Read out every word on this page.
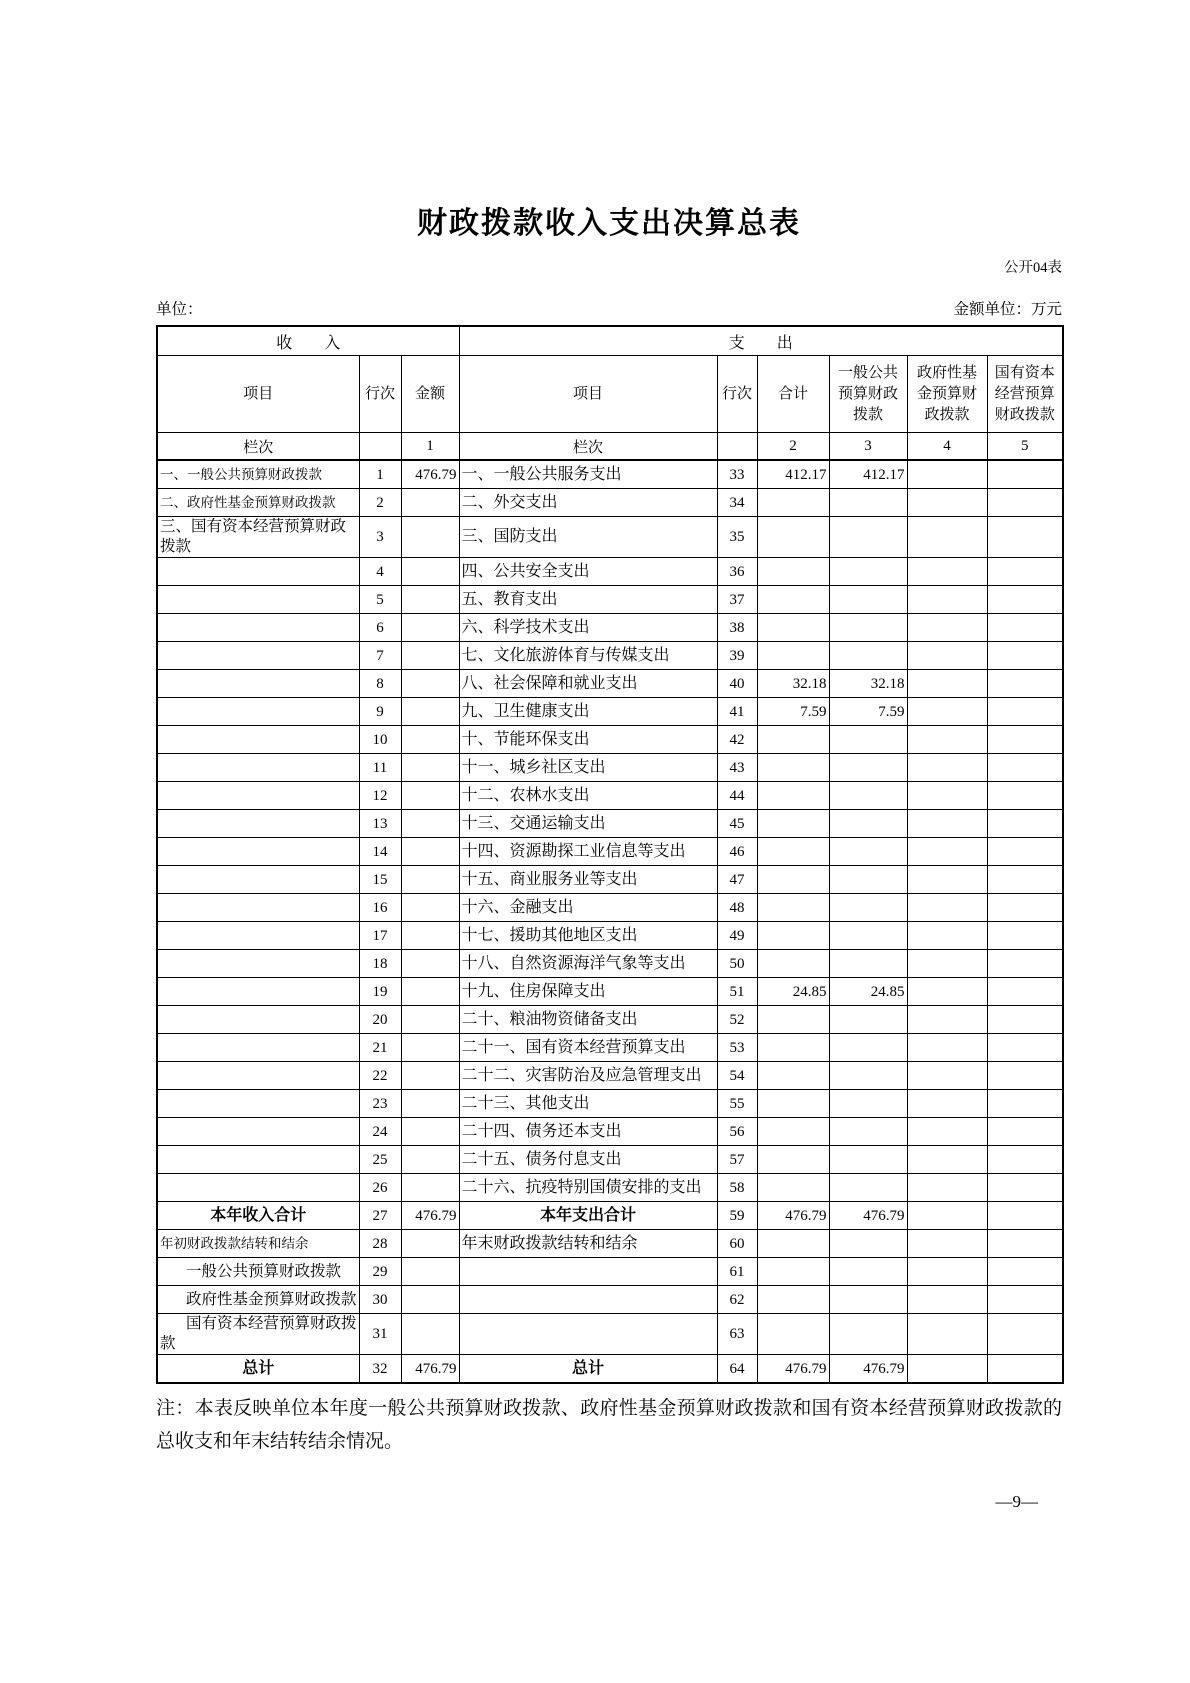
财政拨款收入支出决算总表
公开04表
单位：	金额单位：万元
收　　入			支　　出					
项目	行次	金额	项目	行次	合计	一般公共预算财政拨款	政府性基金预算财政拨款	国有资本经营预算财政拨款
栏次		1	栏次		2	3	4	5
一、一般公共预算财政拨款	1	476.79	一、一般公共服务支出	33	412.17	412.17		
二、政府性基金预算财政拨款	2		二、外交支出	34				
三、国有资本经营预算财政拨款	3		三、国防支出	35				
	4		四、公共安全支出	36				
	5		五、教育支出	37				
	6		六、科学技术支出	38				
	7		七、文化旅游体育与传媒支出	39				
	8		八、社会保障和就业支出	40	32.18	32.18		
	9		九、卫生健康支出	41	7.59	7.59		
	10		十、节能环保支出	42				
	11		十一、城乡社区支出	43				
	12		十二、农林水支出	44				
	13		十三、交通运输支出	45				
	14		十四、资源勘探工业信息等支出	46				
	15		十五、商业服务业等支出	47				
	16		十六、金融支出	48				
	17		十七、援助其他地区支出	49				
	18		十八、自然资源海洋气象等支出	50				
	19		十九、住房保障支出	51	24.85	24.85		
	20		二十、粮油物资储备支出	52				
	21		二十一、国有资本经营预算支出	53				
	22		二十二、灾害防治及应急管理支出	54				
	23		二十三、其他支出	55				
	24		二十四、债务还本支出	56				
	25		二十五、债务付息支出	57				
	26		二十六、抗疫特别国债安排的支出	58				
本年收入合计	27	476.79	本年支出合计	59	476.79	476.79		
年初财政拨款结转和结余	28		年末财政拨款结转和结余	60				
一般公共预算财政拨款	29			61				
政府性基金预算财政拨款	30			62				
国有资本经营预算财政拨款	31			63				
总计	32	476.79	总计	64	476.79	476.79		

注：本表反映单位本年度一般公共预算财政拨款、政府性基金预算财政拨款和国有资本经营预算财政拨款的总收支和年末结转结余情况。

—9—
